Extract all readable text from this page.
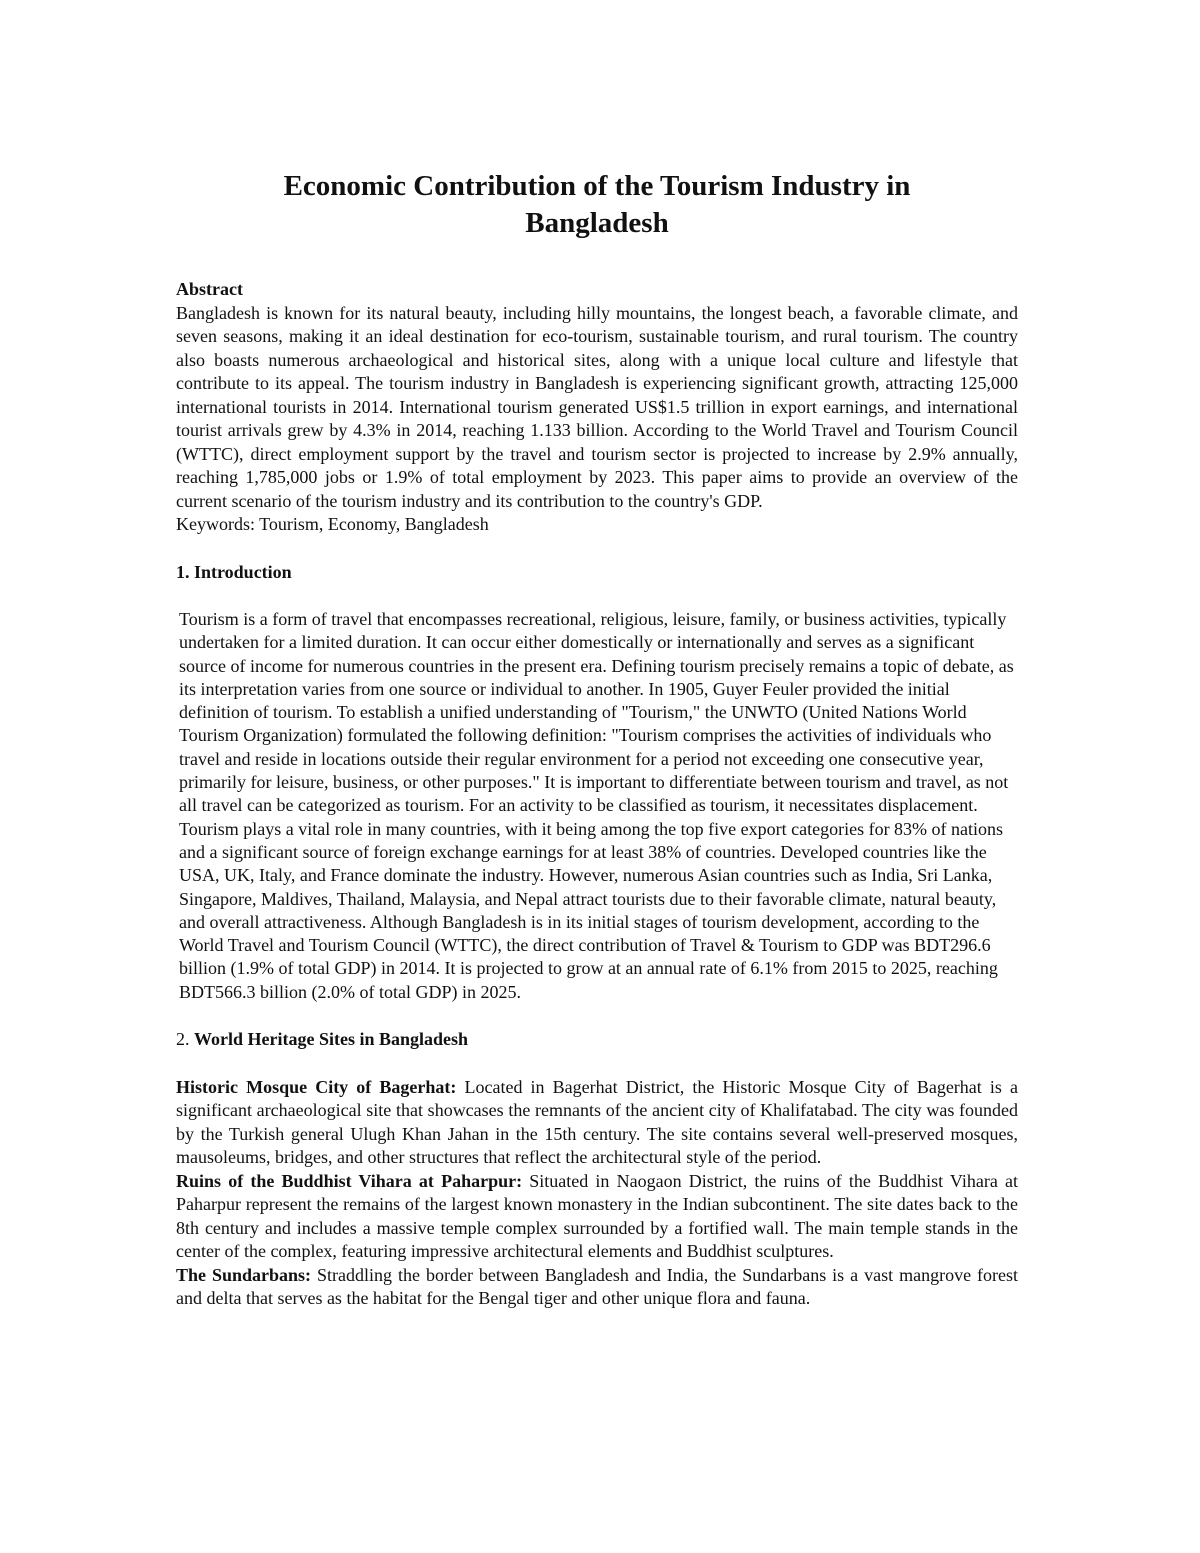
Economic Contribution of the Tourism Industry in
Bangladesh

Abstract

Bangladesh is known for its natural beauty, including hilly mountains, the longest beach, a favorable climate, and seven seasons, making it an ideal destination for eco-tourism, sustainable tourism, and rural tourism. The country also boasts numerous archaeological and historical sites, along with a unique local culture and lifestyle that contribute to its appeal. The tourism industry in Bangladesh is experiencing significant growth, attracting 125,000 international tourists in 2014. International tourism generated US$1.5 trillion in export earnings, and international tourist arrivals grew by 4.3% in 2014, reaching 1.133 billion. According to the World Travel and Tourism Council (WTTC), direct employment support by the travel and tourism sector is projected to increase by 2.9% annually, reaching 1,785,000 jobs or 1.9% of total employment by 2023. This paper aims to provide an overview of the current scenario of the tourism industry and its contribution to the country's GDP.

Keywords: Tourism, Economy, Bangladesh

1. Introduction

Tourism is a form of travel that encompasses recreational, religious, leisure, family, or business activities, typically undertaken for a limited duration. It can occur either domestically or internationally and serves as a significant source of income for numerous countries in the present era. Defining tourism precisely remains a topic of debate, as its interpretation varies from one source or individual to another. In 1905, Guyer Feuler provided the initial definition of tourism. To establish a unified understanding of "Tourism," the UNWTO (United Nations World Tourism Organization) formulated the following definition: "Tourism comprises the activities of individuals who travel and reside in locations outside their regular environment for a period not exceeding one consecutive year, primarily for leisure, business, or other purposes." It is important to differentiate between tourism and travel, as not all travel can be categorized as tourism. For an activity to be classified as tourism, it necessitates displacement. Tourism plays a vital role in many countries, with it being among the top five export categories for 83% of nations and a significant source of foreign exchange earnings for at least 38% of countries. Developed countries like the USA, UK, Italy, and France dominate the industry. However, numerous Asian countries such as India, Sri Lanka, Singapore, Maldives, Thailand, Malaysia, and Nepal attract tourists due to their favorable climate, natural beauty, and overall attractiveness. Although Bangladesh is in its initial stages of tourism development, according to the World Travel and Tourism Council (WTTC), the direct contribution of Travel & Tourism to GDP was BDT296.6 billion (1.9% of total GDP) in 2014. It is projected to grow at an annual rate of 6.1% from 2015 to 2025, reaching BDT566.3 billion (2.0% of total GDP) in 2025.

2. World Heritage Sites in Bangladesh

Historic Mosque City of Bagerhat: Located in Bagerhat District, the Historic Mosque City of Bagerhat is a significant archaeological site that showcases the remnants of the ancient city of Khalifatabad. The city was founded by the Turkish general Ulugh Khan Jahan in the 15th century. The site contains several well-preserved mosques, mausoleums, bridges, and other structures that reflect the architectural style of the period.

Ruins of the Buddhist Vihara at Paharpur: Situated in Naogaon District, the ruins of the Buddhist Vihara at Paharpur represent the remains of the largest known monastery in the Indian subcontinent. The site dates back to the 8th century and includes a massive temple complex surrounded by a fortified wall. The main temple stands in the center of the complex, featuring impressive architectural elements and Buddhist sculptures.

The Sundarbans: Straddling the border between Bangladesh and India, the Sundarbans is a vast mangrove forest and delta that serves as the habitat for the Bengal tiger and other unique flora and fauna.
